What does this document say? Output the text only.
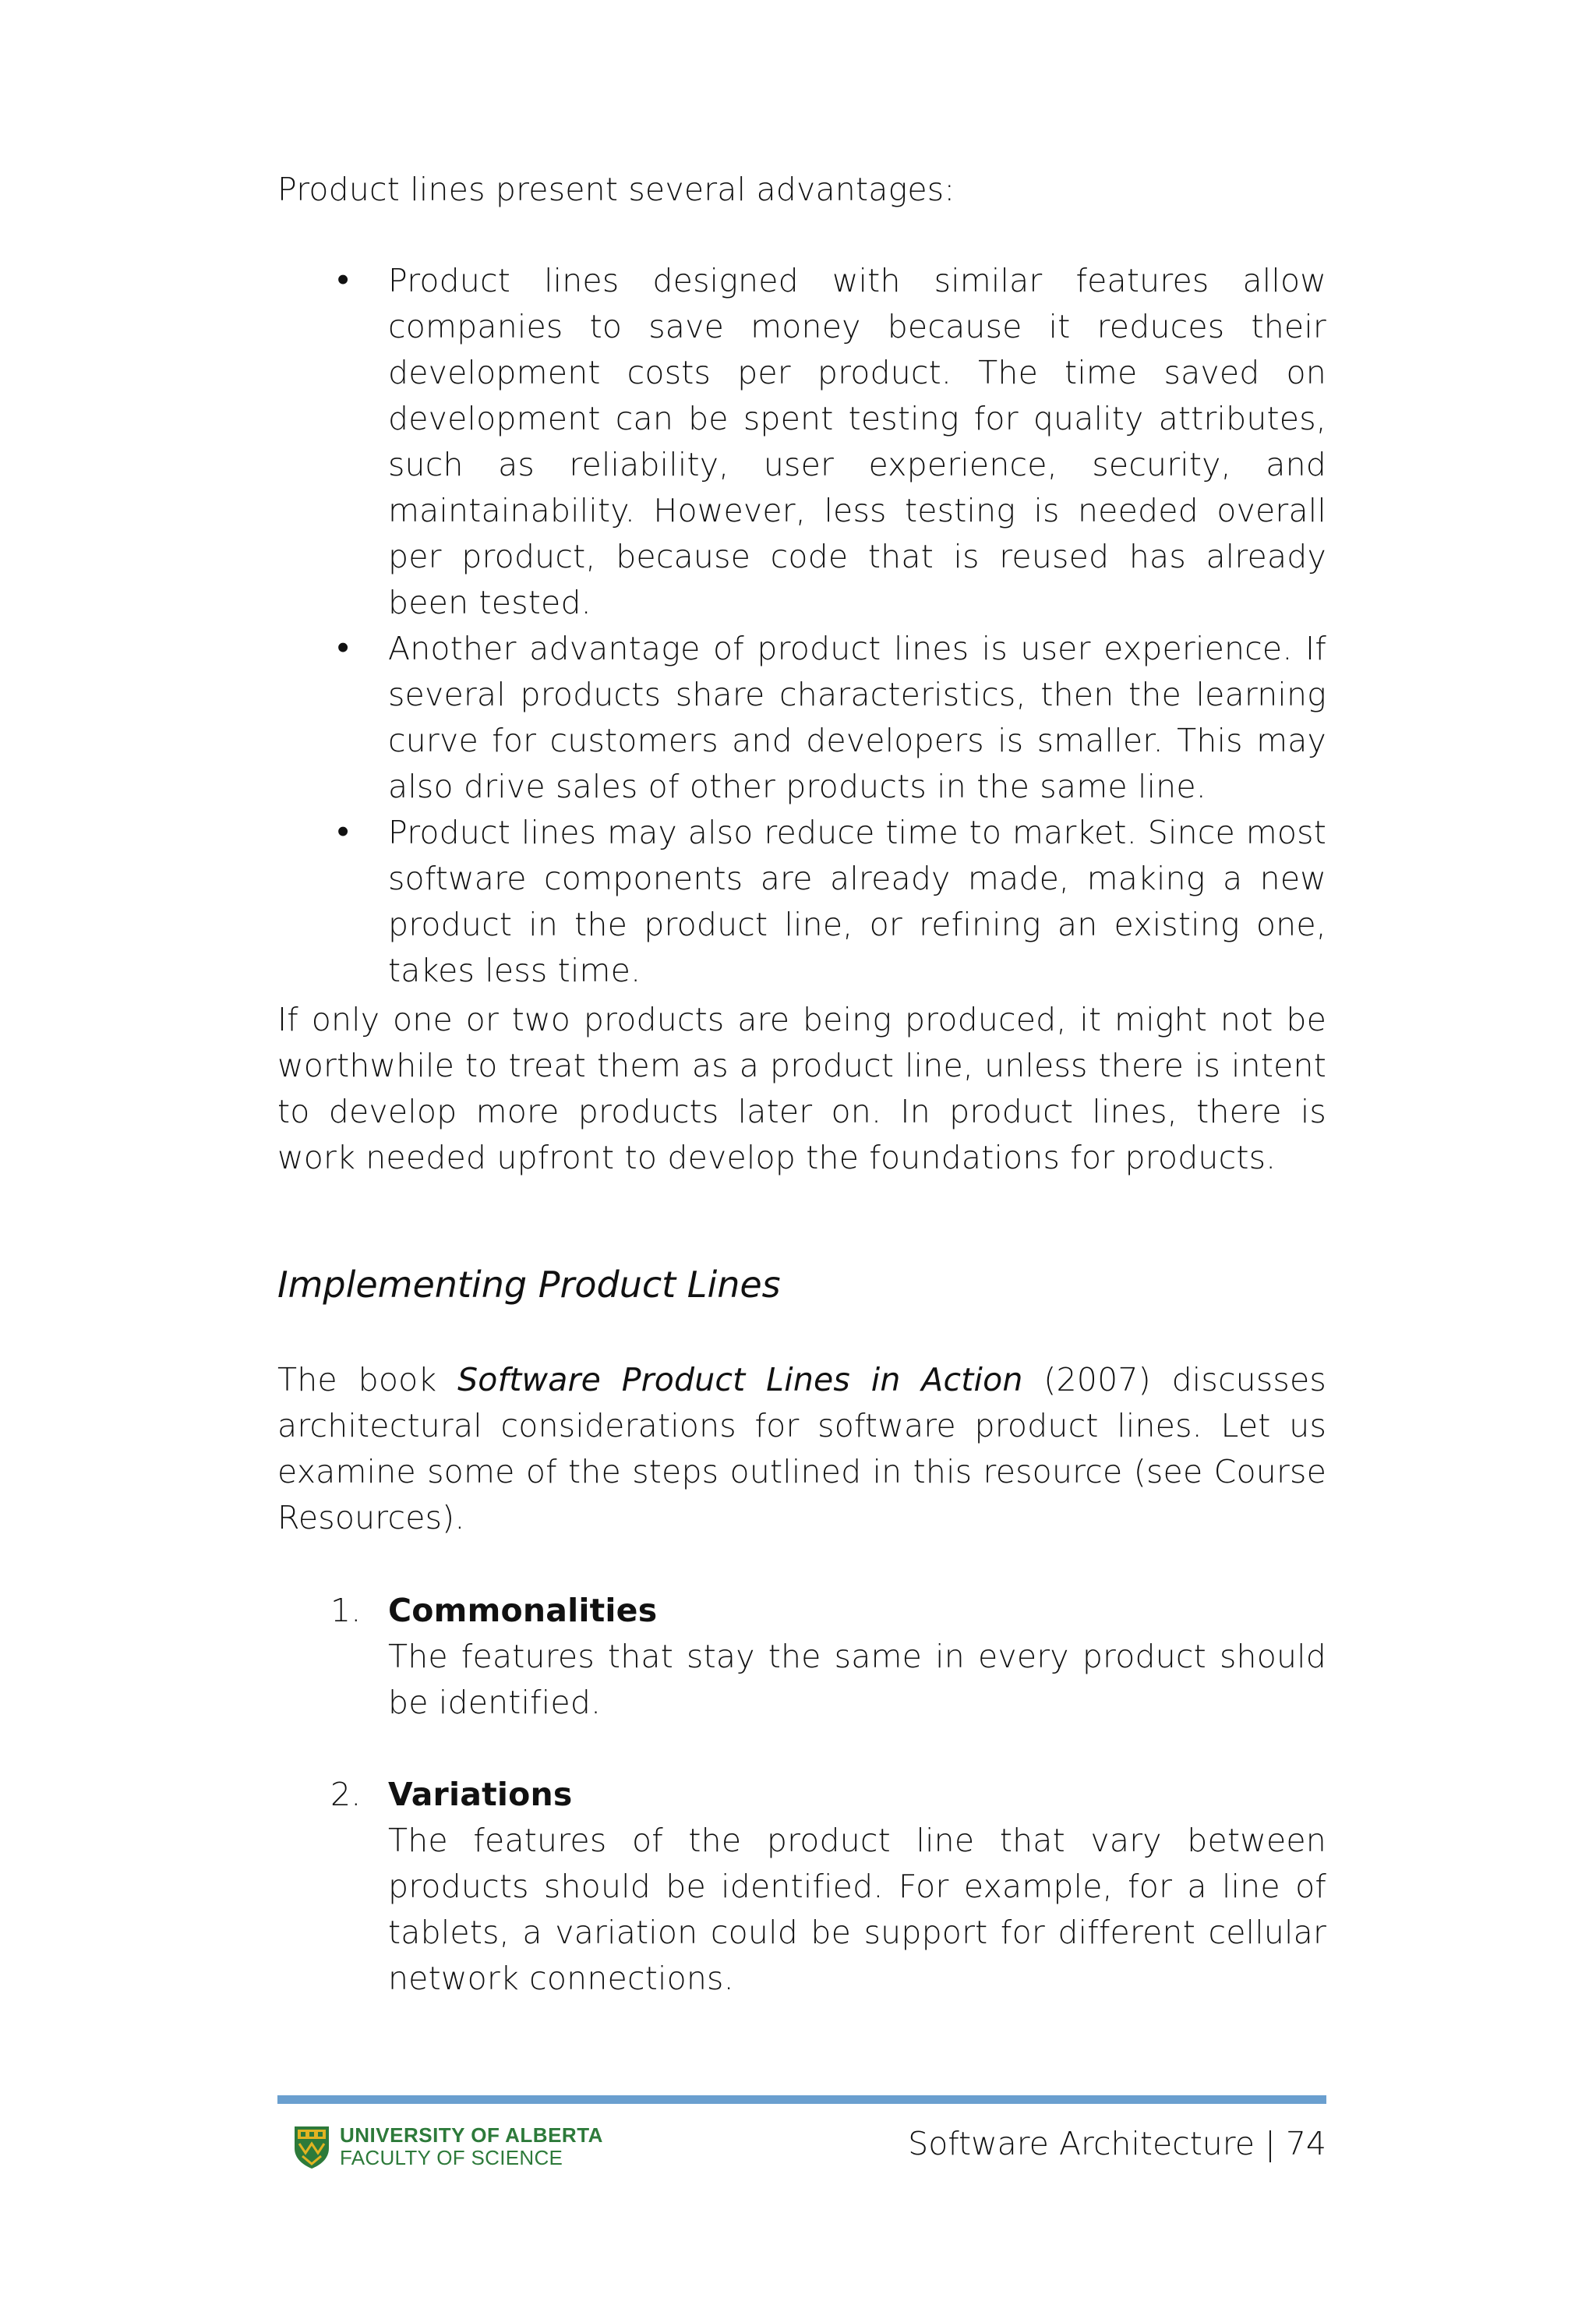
Product lines present several advantages:

• Product lines designed with similar features allow companies to save money because it reduces their development costs per product. The time saved on development can be spent testing for quality attributes, such as reliability, user experience, security, and maintainability. However, less testing is needed overall per product, because code that is reused has already been tested.

• Another advantage of product lines is user experience. If several products share characteristics, then the learning curve for customers and developers is smaller. This may also drive sales of other products in the same line.

• Product lines may also reduce time to market. Since most software components are already made, making a new product in the product line, or refining an existing one, takes less time.

If only one or two products are being produced, it might not be worthwhile to treat them as a product line, unless there is intent to develop more products later on. In product lines, there is work needed upfront to develop the foundations for products.

Implementing Product Lines

The book Software Product Lines in Action (2007) discusses architectural considerations for software product lines. Let us examine some of the steps outlined in this resource (see Course Resources).

1. Commonalities
The features that stay the same in every product should be identified.
2. Variations
The features of the product line that vary between products should be identified. For example, for a line of tablets, a variation could be support for different cellular network connections.
UNIVERSITY OF ALBERTA
FACULTY OF SCIENCE	Software Architecture | 74
